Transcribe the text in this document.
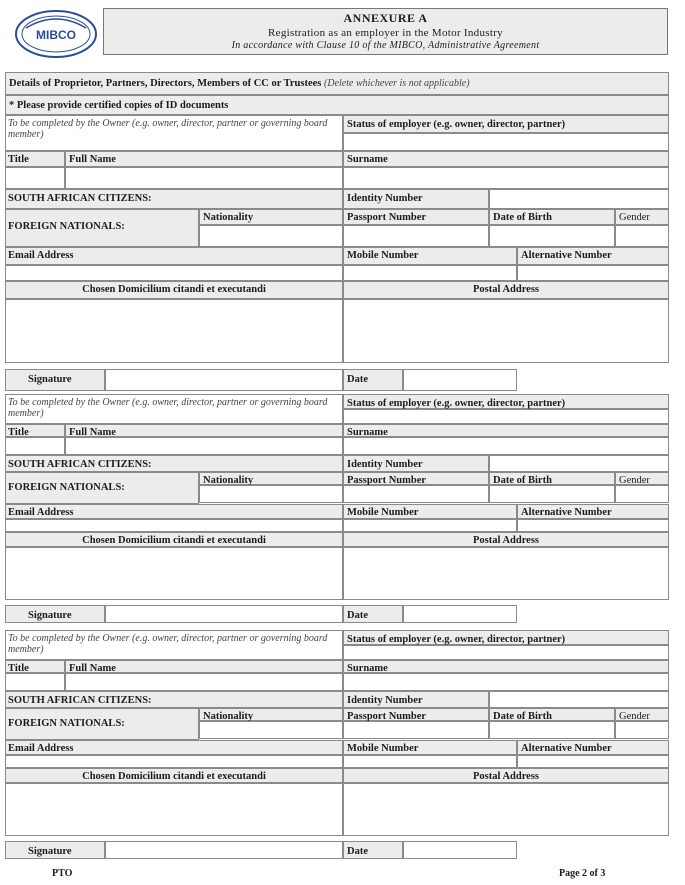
MIBCO
ANNEXURE A
Registration as an employer in the Motor Industry
In accordance with Clause 10 of the MIBCO, Administrative Agreement
Details of Proprietor, Partners, Directors, Members of CC or Trustees (Delete whichever is not applicable)
* Please provide certified copies of ID documents
To be completed by the Owner (e.g. owner, director, partner or governing board member)
Status of employer (e.g. owner, director, partner)
Title	Full Name	Surname
SOUTH AFRICAN CITIZENS:	Identity Number
FOREIGN NATIONALS:
Nationality	Passport Number	Date of Birth	Gender
Email Address	Mobile Number	Alternative Number
Chosen Domicilium citandi et executandi	Postal Address
Signature	Date
To be completed by the Owner (e.g. owner, director, partner or governing board member)
Status of employer (e.g. owner, director, partner)
Title	Full Name	Surname
SOUTH AFRICAN CITIZENS:	Identity Number
FOREIGN NATIONALS:
Nationality	Passport Number	Date of Birth	Gender
Email Address	Mobile Number	Alternative Number
Chosen Domicilium citandi et executandi	Postal Address
Signature	Date
To be completed by the Owner (e.g. owner, director, partner or governing board member)
Status of employer (e.g. owner, director, partner)
Title	Full Name	Surname
SOUTH AFRICAN CITIZENS:	Identity Number
FOREIGN NATIONALS:
Nationality	Passport Number	Date of Birth	Gender
Email Address	Mobile Number	Alternative Number
Chosen Domicilium citandi et executandi	Postal Address
Signature	Date
PTO	Page 2 of 3
